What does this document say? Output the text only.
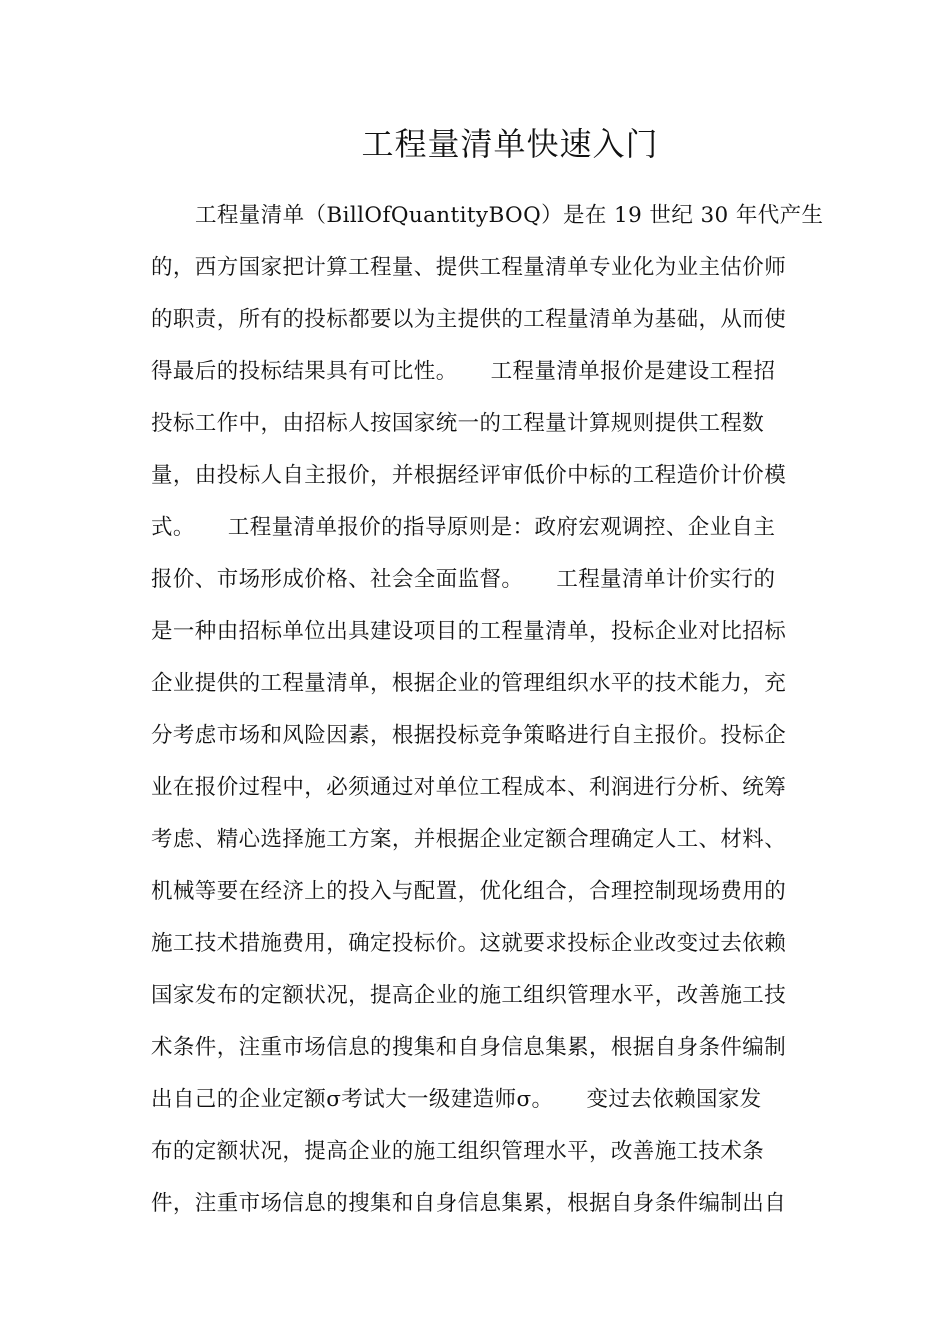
工程量清单快速入门
工程量清单（BillOfQuantityBOQ）是在 19 世纪 30 年代产生
的，西方国家把计算工程量、提供工程量清单专业化为业主估价师
的职责，所有的投标都要以为主提供的工程量清单为基础，从而使
得最后的投标结果具有可比性。　　工程量清单报价是建设工程招
投标工作中，由招标人按国家统一的工程量计算规则提供工程数
量，由投标人自主报价，并根据经评审低价中标的工程造价计价模
式。　　工程量清单报价的指导原则是：政府宏观调控、企业自主
报价、市场形成价格、社会全面监督。　　工程量清单计价实行的
是一种由招标单位出具建设项目的工程量清单，投标企业对比招标
企业提供的工程量清单，根据企业的管理组织水平的技术能力，充
分考虑市场和风险因素，根据投标竞争策略进行自主报价。投标企
业在报价过程中，必须通过对单位工程成本、利润进行分析、统筹
考虑、精心选择施工方案，并根据企业定额合理确定人工、材料、
机械等要在经济上的投入与配置，优化组合，合理控制现场费用的
施工技术措施费用，确定投标价。这就要求投标企业改变过去依赖
国家发布的定额状况，提高企业的施工组织管理水平，改善施工技
术条件，注重市场信息的搜集和自身信息集累，根据自身条件编制
出自己的企业定额σ考试大一级建造师σ。　　变过去依赖国家发
布的定额状况，提高企业的施工组织管理水平，改善施工技术条
件，注重市场信息的搜集和自身信息集累，根据自身条件编制出自
